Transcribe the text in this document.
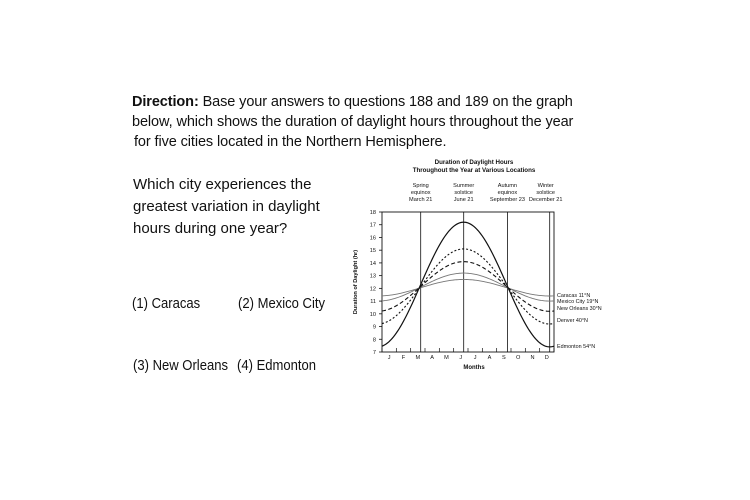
Direction: Base your answers to questions 188 and 189 on the graph
below, which shows the duration of daylight hours throughout the year
for five cities located in the Northern Hemisphere.
Which city experiences the
greatest variation in daylight
hours during one year?
(1) Caracas	(2) Mexico City
(3) New Orleans (4) Edmonton
Duration of Daylight Hours
Throughout the Year at Various Locations
7
8
9
10
11
12
13
14
15
16
17
18
J F M A M J J A S O N D
Months
Duration of Daylight (hr)
Spring
equinox
March 21
Summer
solstice
June 21
Autumn
equinox
September 23
Winter
solstice
December 21
Caracas 11°N
Mexico City 19°N
New Orleans 30°N
Denver 40°N
Edmonton 54°N
